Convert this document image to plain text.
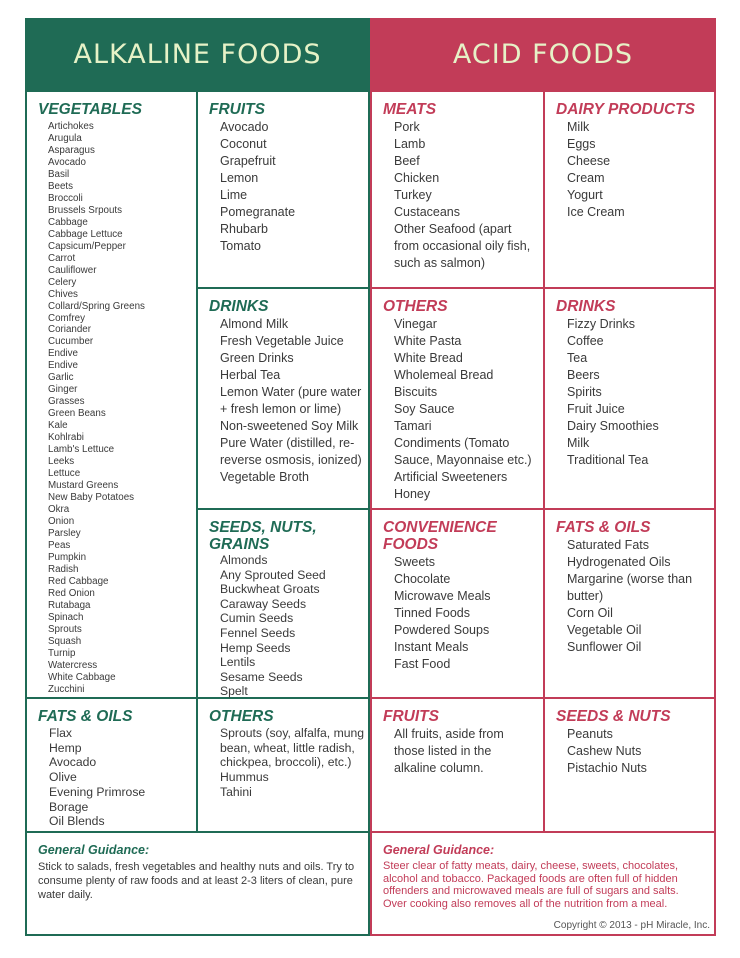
ALKALINE FOODS	ACID FOODS
VEGETABLES
Artichokes
Arugula
Asparagus
Avocado
Basil
Beets
Broccoli
Brussels Srpouts
Cabbage
Cabbage Lettuce
Capsicum/Pepper
Carrot
Cauliflower
Celery
Chives
Collard/Spring Greens
Comfrey
Coriander
Cucumber
Endive
Endive
Garlic
Ginger
Grasses
Green Beans
Kale
Kohlrabi
Lamb's Lettuce
Leeks
Lettuce
Mustard Greens
New Baby Potatoes
Okra
Onion
Parsley
Peas
Pumpkin
Radish
Red Cabbage
Red Onion
Rutabaga
Spinach
Sprouts
Squash
Turnip
Watercress
White Cabbage
Zucchini
FRUITS
Avocado
Coconut
Grapefruit
Lemon
Lime
Pomegranate
Rhubarb
Tomato
DRINKS
Almond Milk
Fresh Vegetable Juice
Green Drinks
Herbal Tea
Lemon Water (pure water
+ fresh lemon or lime)
Non-sweetened Soy Milk
Pure Water (distilled, re-
reverse osmosis, ionized)
Vegetable Broth
SEEDS, NUTS, GRAINS
Almonds
Any Sprouted Seed
Buckwheat Groats
Caraway Seeds
Cumin Seeds
Fennel Seeds
Hemp Seeds
Lentils
Sesame Seeds
Spelt
FATS & OILS
Flax
Hemp
Avocado
Olive
Evening Primrose
Borage
Oil Blends
OTHERS
Sprouts (soy, alfalfa, mung
bean, wheat, little radish,
chickpea, broccoli), etc.)
Hummus
Tahini
General Guidance:
Stick to salads, fresh vegetables and healthy nuts and oils. Try to consume plenty of raw foods and at least 2-3 liters of clean, pure water daily.
MEATS
Pork
Lamb
Beef
Chicken
Turkey
Custaceans
Other Seafood (apart
from occasional oily fish,
such as salmon)
DAIRY PRODUCTS
Milk
Eggs
Cheese
Cream
Yogurt
Ice Cream
OTHERS
Vinegar
White Pasta
White Bread
Wholemeal Bread
Biscuits
Soy Sauce
Tamari
Condiments (Tomato
Sauce, Mayonnaise etc.)
Artificial Sweeteners
Honey
DRINKS
Fizzy Drinks
Coffee
Tea
Beers
Spirits
Fruit Juice
Dairy Smoothies
Milk
Traditional Tea
CONVENIENCE FOODS
Sweets
Chocolate
Microwave Meals
Tinned Foods
Powdered Soups
Instant Meals
Fast Food
FATS & OILS
Saturated Fats
Hydrogenated Oils
Margarine (worse than
butter)
Corn Oil
Vegetable Oil
Sunflower Oil
FRUITS
All fruits, aside from
those listed in the
alkaline column.
SEEDS & NUTS
Peanuts
Cashew Nuts
Pistachio Nuts
General Guidance:
Steer clear of fatty meats, dairy, cheese, sweets, chocolates, alcohol and tobacco. Packaged foods are often full of hidden offenders and microwaved meals are full of sugars and salts. Over cooking also removes all of the nutrition from a meal.
Copyright © 2013 - pH Miracle, Inc.
